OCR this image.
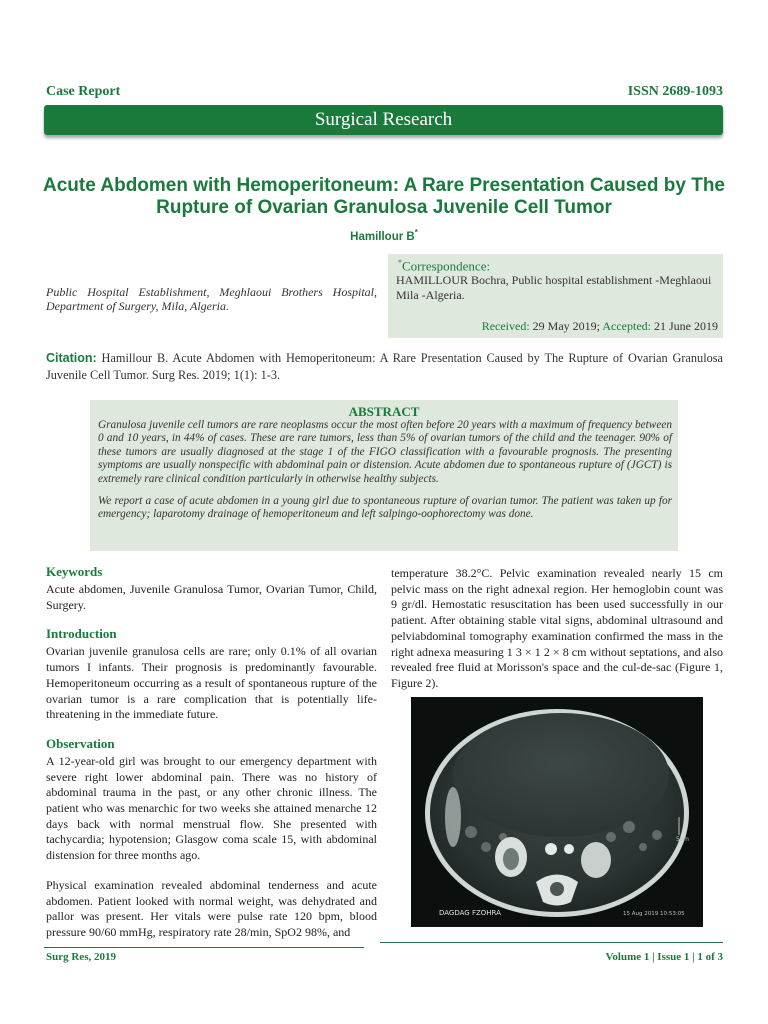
Case Report	ISSN 2689-1093
Surgical Research
Acute Abdomen with Hemoperitoneum: A Rare Presentation Caused by The Rupture of Ovarian Granulosa Juvenile Cell Tumor
Hamillour B*
Public Hospital Establishment, Meghlaoui Brothers Hospital, Department of Surgery, Mila, Algeria.
*Correspondence:
HAMILLOUR Bochra, Public hospital establishment -Meghlaoui Mila -Algeria.
Received: 29 May 2019; Accepted: 21 June 2019
Citation: Hamillour B. Acute Abdomen with Hemoperitoneum: A Rare Presentation Caused by The Rupture of Ovarian Granulosa Juvenile Cell Tumor. Surg Res. 2019; 1(1): 1-3.
ABSTRACT

Granulosa juvenile cell tumors are rare neoplasms occur the most often before 20 years with a maximum of frequency between 0 and 10 years, in 44% of cases. These are rare tumors, less than 5% of ovarian tumors of the child and the teenager. 90% of these tumors are usually diagnosed at the stage 1 of the FIGO classification with a favourable prognosis. The presenting symptoms are usually nonspecific with abdominal pain or distension. Acute abdomen due to spontaneous rupture of (JGCT) is extremely rare clinical condition particularly in otherwise healthy subjects.

We report a case of acute abdomen in a young girl due to spontaneous rupture of ovarian tumor. The patient was taken up for emergency; laparotomy drainage of hemoperitoneum and left salpingo-oophorectomy was done.

Keywords

Acute abdomen, Juvenile Granulosa Tumor, Ovarian Tumor, Child, Surgery.

Introduction

Ovarian juvenile granulosa cells are rare; only 0.1% of all ovarian tumors I infants. Their prognosis is predominantly favourable. Hemoperitoneum occurring as a result of spontaneous rupture of the ovarian tumor is a rare complication that is potentially life-threatening in the immediate future.

Observation

A 12-year-old girl was brought to our emergency department with severe right lower abdominal pain. There was no history of abdominal trauma in the past, or any other chronic illness. The patient who was menarchic for two weeks she attained menarche 12 days back with normal menstrual flow. She presented with tachycardia; hypotension; Glasgow coma scale 15, with abdominal distension for three months ago.

Physical examination revealed abdominal tenderness and acute abdomen. Patient looked with normal weight, was dehydrated and pallor was present. Her vitals were pulse rate 120 bpm, blood pressure 90/60 mmHg, respiratory rate 28/min, SpO2 98%, and

temperature 38.2°C. Pelvic examination revealed nearly 15 cm pelvic mass on the right adnexal region. Her hemoglobin count was 9 gr/dl. Hemostatic resuscitation has been used successfully in our patient. After obtaining stable vital signs, abdominal ultrasound and pelviabdominal tomography examination confirmed the mass in the right adnexa measuring 1 3 × 1 2 × 8 cm without septations, and also revealed free fluid at Morisson's space and the cul-de-sac (Figure 1, Figure 2).

DAGDAG FZOHRA	15 Aug 2019 10:53:05
5cm
Surg Res, 2019	Volume 1 | Issue 1 | 1 of 3
